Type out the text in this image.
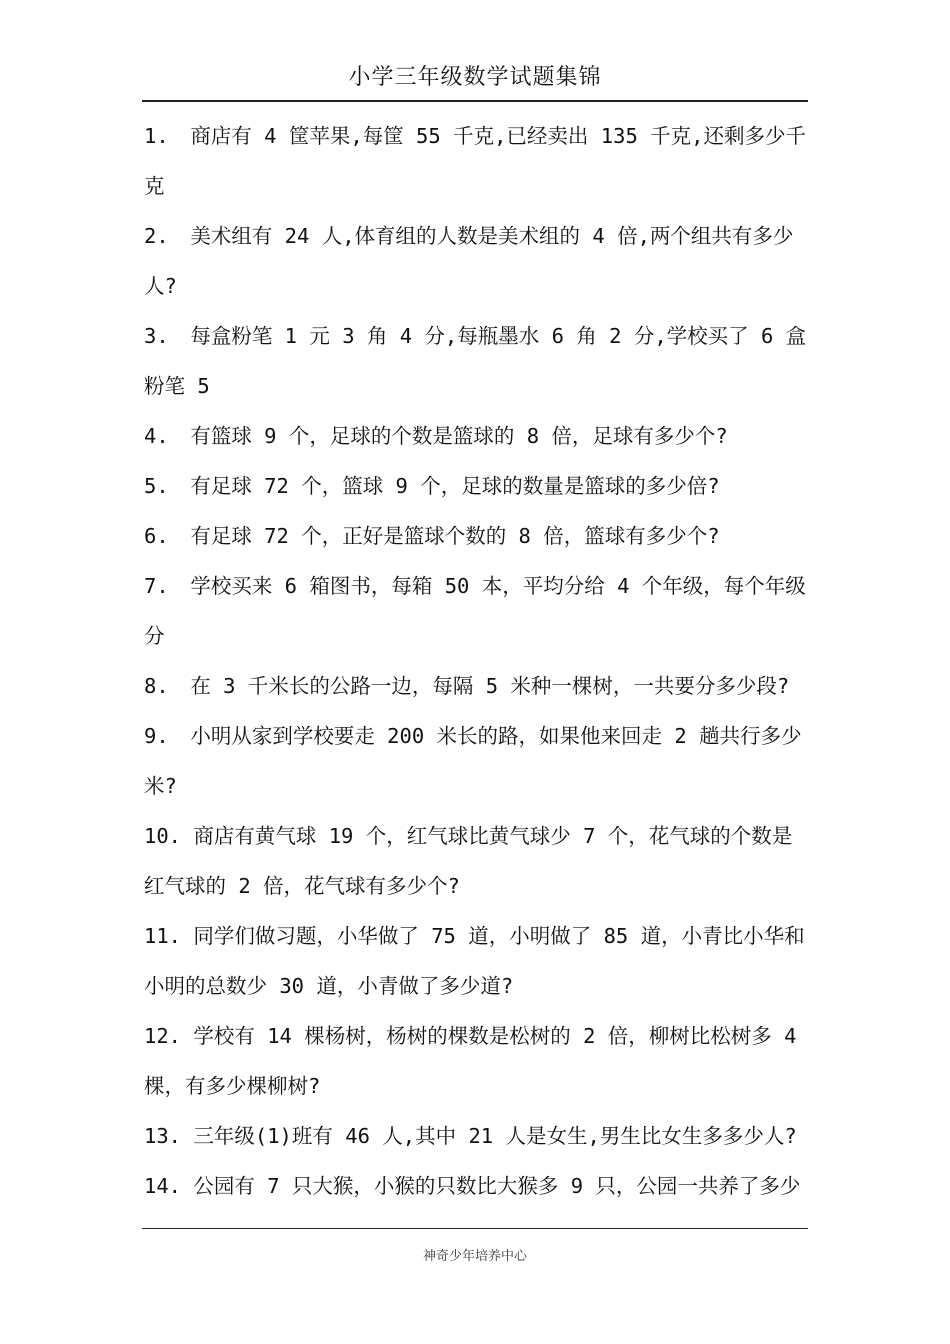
小学三年级数学试题集锦
1. 商店有 4 筐苹果,每筐 55 千克,已经卖出 135 千克,还剩多少千克

2. 美术组有 24 人,体育组的人数是美术组的 4 倍,两个组共有多少
人?
3. 每盒粉笔 1 元 3 角 4 分,每瓶墨水 6 角 2 分,学校买了 6 盒粉笔 5

4. 有篮球 9 个，足球的个数是篮球的 8 倍，足球有多少个?
5. 有足球 72 个，篮球 9 个，足球的数量是篮球的多少倍?
6. 有足球 72 个，正好是篮球个数的 8 倍，篮球有多少个?
7. 学校买来 6 箱图书，每箱 50 本，平均分给 4 个年级，每个年级分

8. 在 3 千米长的公路一边，每隔 5 米种一棵树，一共要分多少段?
9. 小明从家到学校要走 200 米长的路，如果他来回走 2 趟共行多少
米?
10. 商店有黄气球 19 个，红气球比黄气球少 7 个，花气球的个数是
红气球的 2 倍，花气球有多少个?
11. 同学们做习题，小华做了 75 道，小明做了 85 道，小青比小华和
小明的总数少 30 道，小青做了多少道?
12. 学校有 14 棵杨树，杨树的棵数是松树的 2 倍，柳树比松树多 4
棵，有多少棵柳树?
13. 三年级(1)班有 46 人,其中 21 人是女生,男生比女生多多少人?
14. 公园有 7 只大猴，小猴的只数比大猴多 9 只，公园一共养了多少
神奇少年培养中心
